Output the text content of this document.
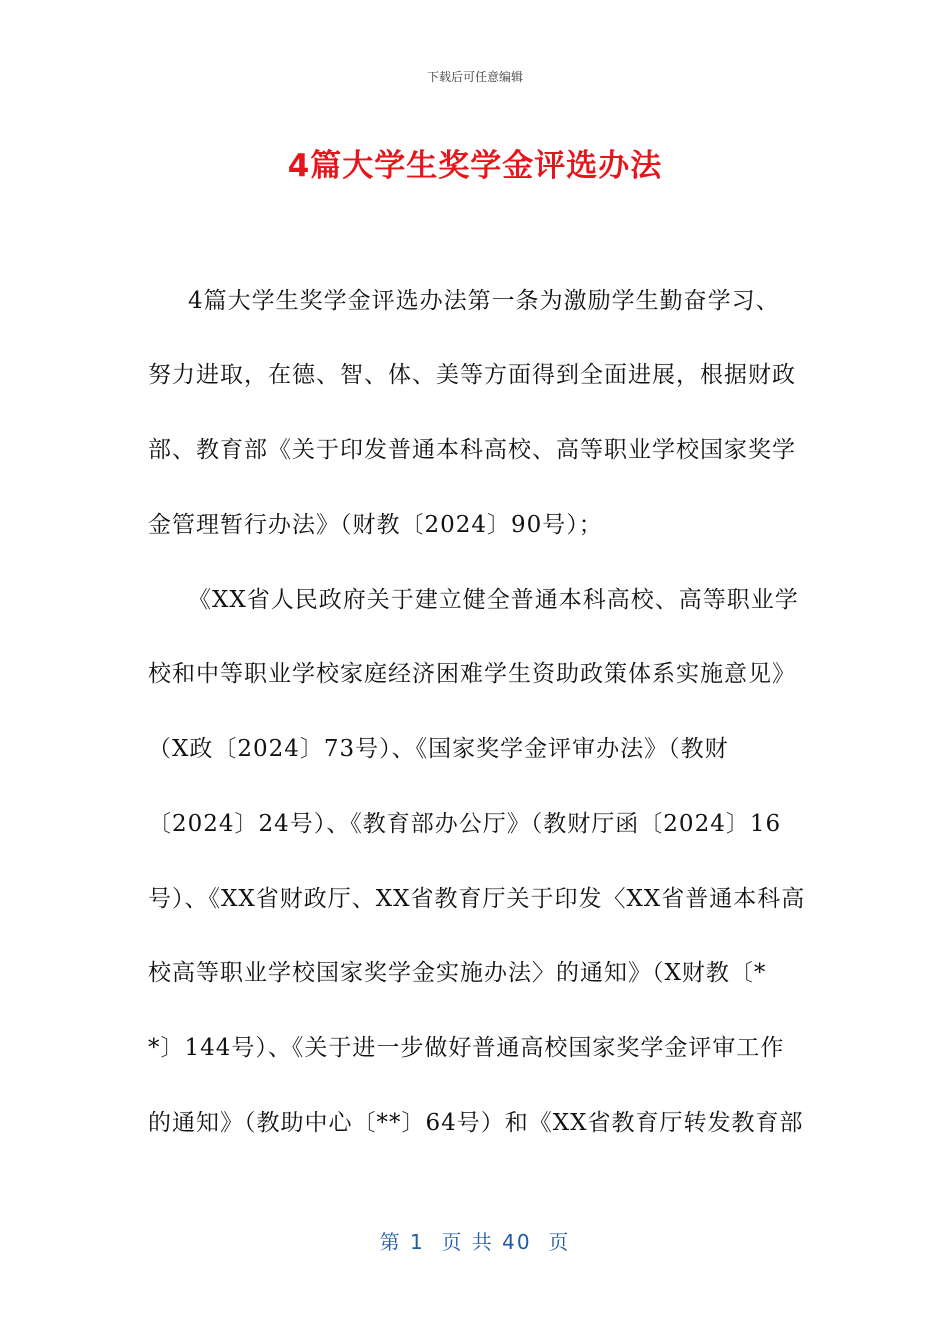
下载后可任意编辑
4篇大学生奖学金评选办法
4篇大学生奖学金评选办法第一条为激励学生勤奋学习、
努力进取，在德、智、体、美等方面得到全面进展，根据财政
部、教育部《关于印发普通本科高校、高等职业学校国家奖学
金管理暂行办法》（财教〔2024〕90号）；
《XX省人民政府关于建立健全普通本科高校、高等职业学
校和中等职业学校家庭经济困难学生资助政策体系实施意见》
（X政〔2024〕73号）、《国家奖学金评审办法》（教财
〔2024〕24号）、《教育部办公厅》（教财厅函〔2024〕16
号）、《XX省财政厅、XX省教育厅关于印发〈XX省普通本科高
校高等职业学校国家奖学金实施办法〉的通知》（X财教〔*
*〕144号）、《关于进一步做好普通高校国家奖学金评审工作
的通知》（教助中心〔**〕64号）和《XX省教育厅转发教育部
第 1  页 共 40  页
